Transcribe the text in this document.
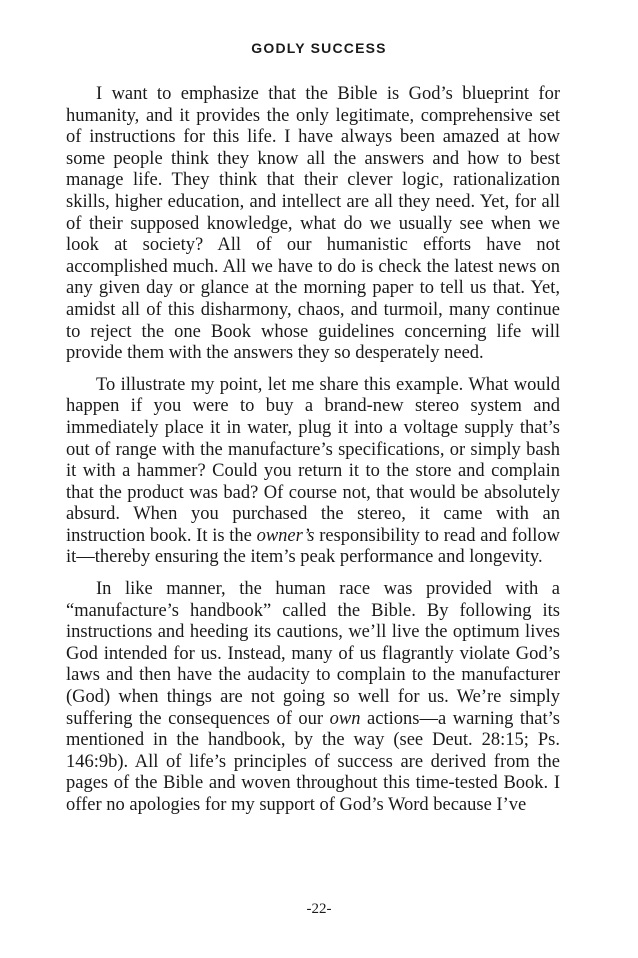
GODLY SUCCESS

I want to emphasize that the Bible is God’s blueprint for humanity, and it provides the only legitimate, comprehensive set of instructions for this life. I have always been amazed at how some people think they know all the answers and how to best manage life. They think that their clever logic, rationalization skills, higher education, and intellect are all they need. Yet, for all of their supposed knowledge, what do we usually see when we look at society? All of our humanistic efforts have not accomplished much. All we have to do is check the latest news on any given day or glance at the morning paper to tell us that. Yet, amidst all of this disharmony, chaos, and turmoil, many continue to reject the one Book whose guidelines concerning life will provide them with the answers they so desperately need.

To illustrate my point, let me share this example. What would happen if you were to buy a brand-new stereo system and immediately place it in water, plug it into a voltage supply that’s out of range with the manufacture’s specifications, or simply bash it with a hammer? Could you return it to the store and complain that the product was bad? Of course not, that would be absolutely absurd. When you purchased the stereo, it came with an instruction book. It is the owner’s responsibility to read and follow it—thereby ensuring the item’s peak performance and longevity.

In like manner, the human race was provided with a “manufacture’s handbook” called the Bible. By following its instructions and heeding its cautions, we’ll live the optimum lives God intended for us. Instead, many of us flagrantly violate God’s laws and then have the audacity to complain to the manufacturer (God) when things are not going so well for us. We’re simply suffering the consequences of our own actions—a warning that’s mentioned in the handbook, by the way (see Deut. 28:15; Ps. 146:9b). All of life’s principles of success are derived from the pages of the Bible and woven throughout this time-tested Book. I offer no apologies for my support of God’s Word because I’ve

-22-
